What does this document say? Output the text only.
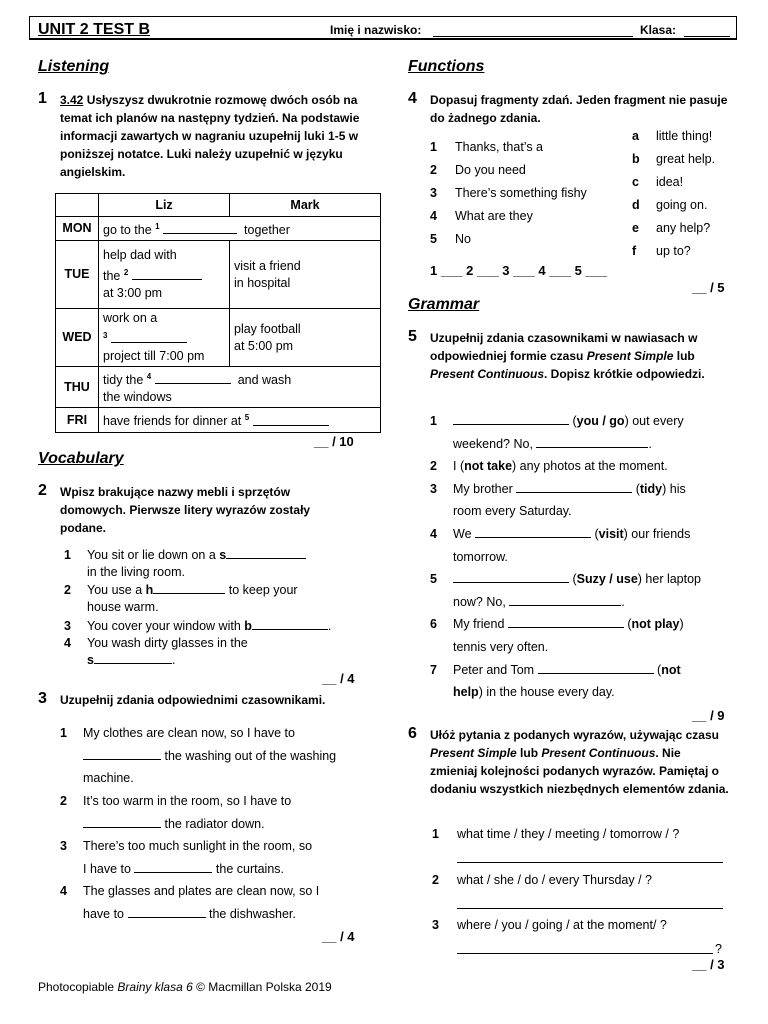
UNIT 2 TEST B	Imię i nazwisko:	Klasa:
Listening
1 3.42 Usłyszysz dwukrotnie rozmowę dwóch osób na temat ich planów na następny tydzień. Na podstawie informacji zawartych w nagraniu uzupełnij luki 1-5 w poniższej notatce. Luki należy uzupełnić w języku angielskim.
	Liz	Mark
MON	go to the $^1$ together	
TUE	help dad with
the $^2$
at 3:00 pm	visit a friend
in hospital
WED	work on a
$^3$
project till 7:00 pm	play football
at 5:00 pm
THU	tidy the $^4$ and wash
the windows	
FRI	have friends for dinner at $^5$
__ / 10
Vocabulary
2 Wpisz brakujące nazwy mebli i sprzętów domowych. Pierwsze litery wyrazów zostały podane.
1 You sit or lie down on a s
in the living room.
2 You use a h	to keep your
house warm.
3 You cover your window with b	.
4 You wash dirty glasses in the
s	.
__ / 4
3 Uzupełnij zdania odpowiednimi czasownikami.
1 My clothes are clean now, so I have to
the washing out of the washing
machine.
2 It’s too warm in the room, so I have to
the radiator down.
3 There’s too much sunlight in the room, so
I have to	the curtains.
4 The glasses and plates are clean now, so I
have to	the dishwasher.
__ / 4
Functions
4 Dopasuj fragmenty zdań. Jeden fragment nie pasuje do żadnego zdania.
1 Thanks, that’s a
2 Do you need
3 There’s something fishy
4 What are they
5 No
a little thing!
b great help.
c idea!
d going on.
e any help?
f up to?
1 ___ 2 ___ 3 ___ 4 ___ 5 ___
__ / 5
Grammar
5 Uzupełnij zdania czasownikami w nawiasach w odpowiedniej formie czasu Present Simple lub Present Continuous. Dopisz krótkie odpowiedzi.
1	(you / go) out every
weekend? No,	.
2 I (not take) any photos at the moment.
3 My brother	(tidy) his
room every Saturday.
4 We	(visit) our friends
tomorrow.
5	(Suzy / use) her laptop
now? No,	.
6 My friend	(not play)
tennis very often.
7 Peter and Tom	(not
help) in the house every day.
__ / 9
6 Ułóż pytania z podanych wyrazów, używając czasu Present Simple lub Present Continuous. Nie zmieniaj kolejności podanych wyrazów. Pamiętaj o dodaniu wszystkich niezbędnych elementów zdania.
1 what time / they / meeting / tomorrow / ?
2 what / she / do / every Thursday / ?
3 where / you / going / at the moment/ ?
?
__ / 3
Photocopiable Brainy klasa 6 © Macmillan Polska 2019
